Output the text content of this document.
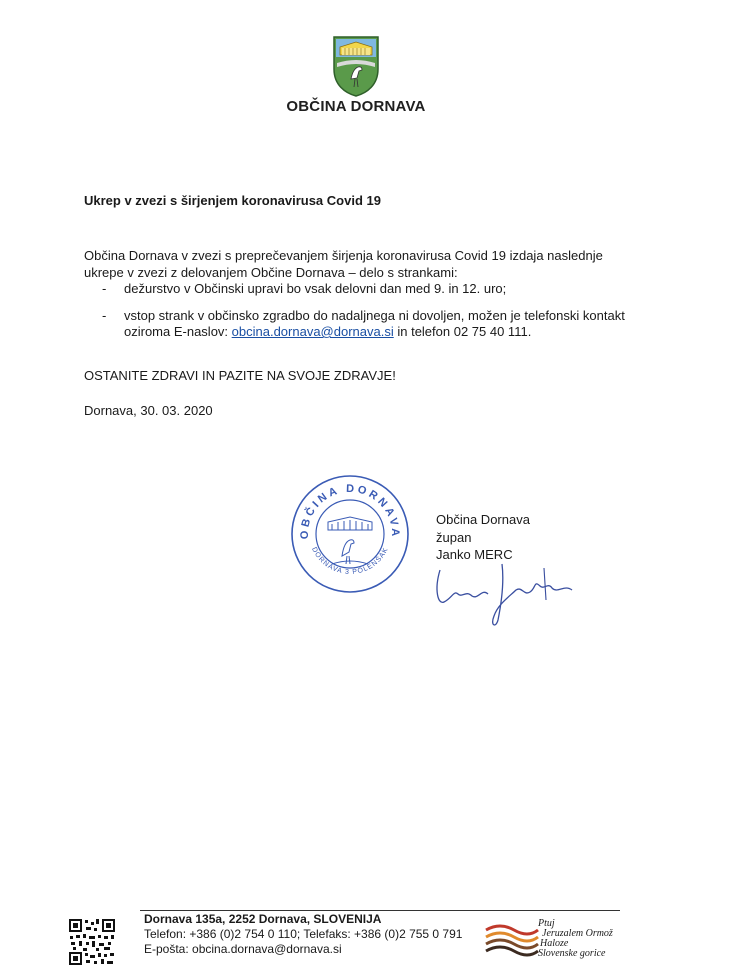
OBČINA DORNAVA
Ukrep v zvezi s širjenjem koronavirusa Covid 19
Občina Dornava v zvezi s preprečevanjem širjenja koronavirusa Covid 19 izdaja naslednje ukrepe v zvezi z delovanjem Občine Dornava – delo s strankami:
- dežurstvo v Občinski upravi bo vsak delovni dan med 9. in 12. uro;
- vstop strank v občinsko zgradbo do nadaljnega ni dovoljen, možen je telefonski kontakt oziroma E-naslov: obcina.dornava@dornava.si in telefon 02 75 40 111.
OSTANITE ZDRAVI IN PAZITE NA SVOJE ZDRAVJE!
Dornava, 30. 03. 2020
OBČINA DORNAVA
DORNAVA 3 POLENŠAK
Občina Dornava
župan
Janko MERC
Dornava 135a, 2252 Dornava, SLOVENIJA
Telefon: +386 (0)2 754 0 110; Telefaks: +386 (0)2 755 0 791
E-pošta: obcina.dornava@dornava.si
Ptuj
Jeruzalem Ormož
Haloze
Slovenske gorice
